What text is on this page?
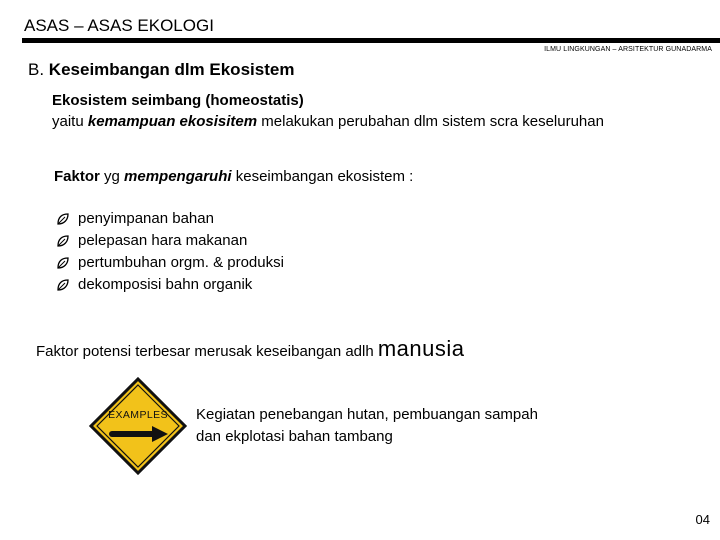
ASAS – ASAS EKOLOGI
ILMU LINGKUNGAN – ARSITEKTUR GUNADARMA
B. Keseimbangan dlm Ekosistem
Ekosistem seimbang (homeostatis)
yaitu kemampuan ekosisitem melakukan perubahan dlm sistem scra keseluruhan
Faktor yg mempengaruhi keseimbangan ekosistem :
penyimpanan bahan
pelepasan hara makanan
pertumbuhan orgm. & produksi
dekomposisi bahn organik
Faktor potensi terbesar merusak keseibangan adlh manusia
EXAMPLES Kegiatan penebangan hutan, pembuangan sampah
dan ekplotasi bahan tambang
04
